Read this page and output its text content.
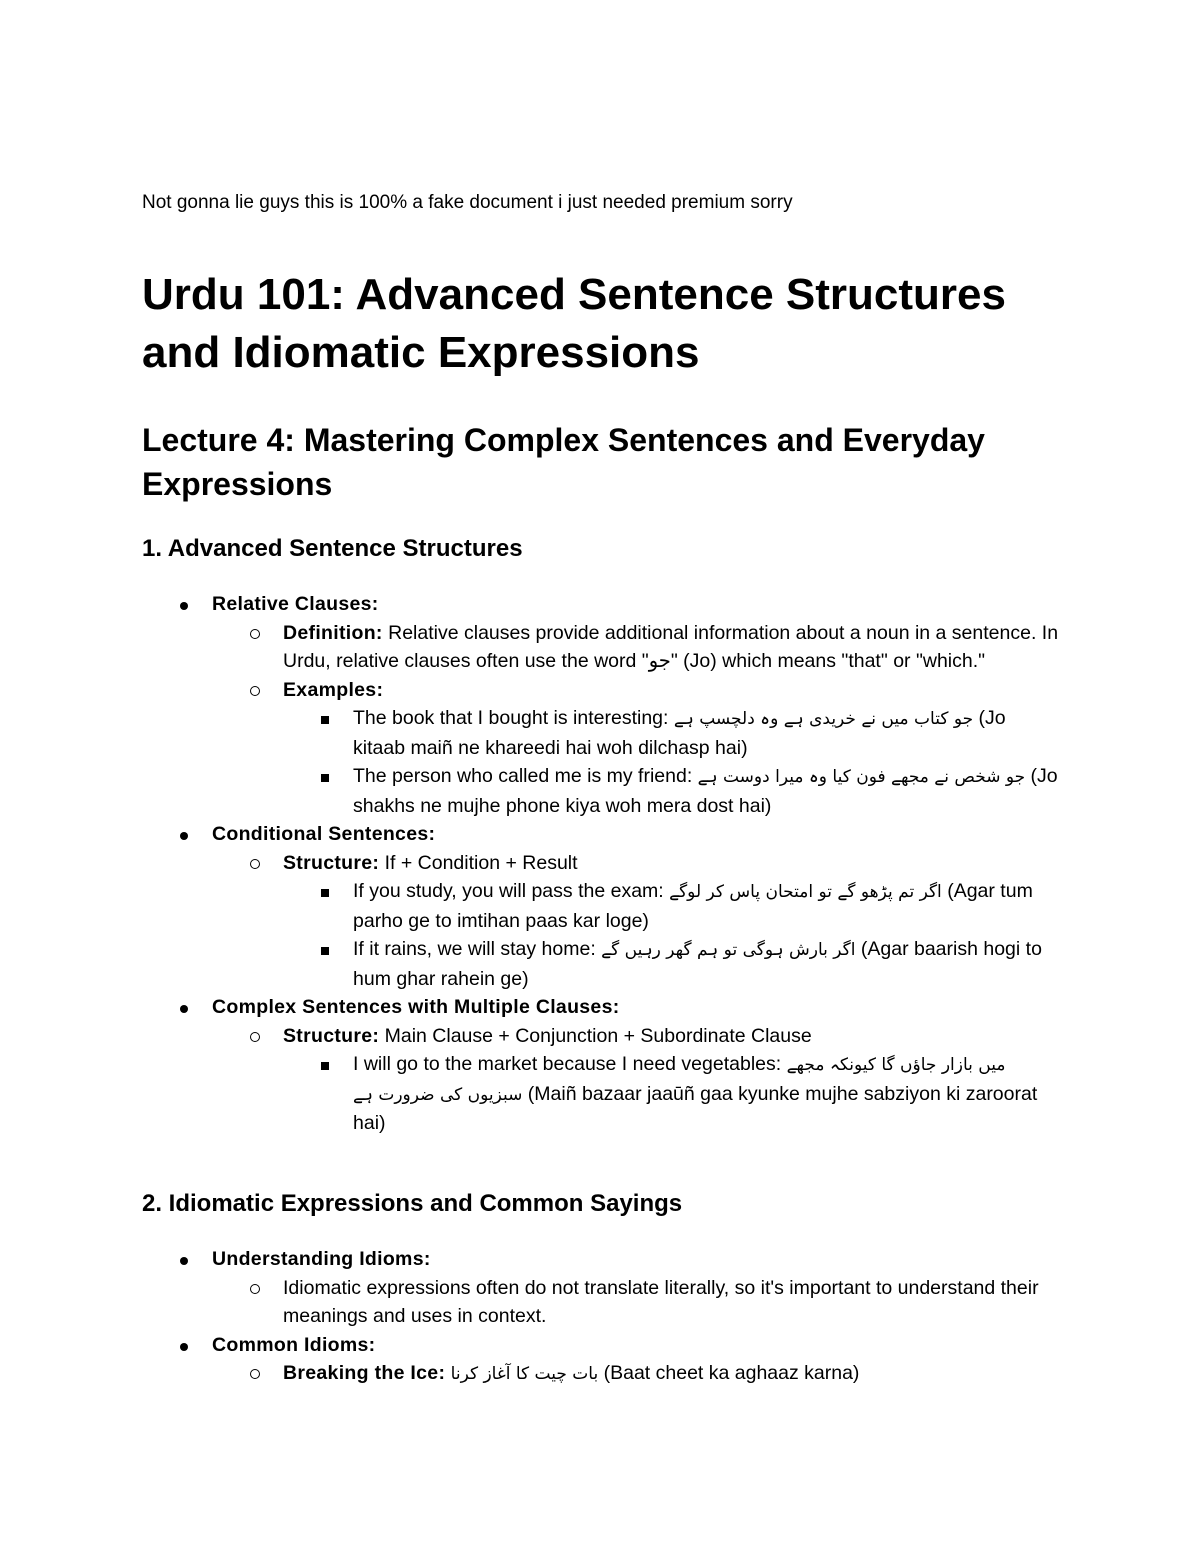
Not gonna lie guys this is 100% a fake document i just needed premium sorry
Urdu 101: Advanced Sentence Structures and Idiomatic Expressions
Lecture 4: Mastering Complex Sentences and Everyday Expressions
1. Advanced Sentence Structures
Relative Clauses:
Definition: Relative clauses provide additional information about a noun in a sentence. In Urdu, relative clauses often use the word "جو" (Jo) which means "that" or "which."
Examples:
The book that I bought is interesting: جو کتاب میں نے خریدی ہے وہ دلچسپ ہے (Jo kitaab maiñ ne khareedi hai woh dilchasp hai)
The person who called me is my friend: جو شخص نے مجھے فون کیا وہ میرا دوست ہے (Jo shakhs ne mujhe phone kiya woh mera dost hai)
Conditional Sentences:
Structure: If + Condition + Result
If you study, you will pass the exam: اگر تم پڑھو گے تو امتحان پاس کر لوگے (Agar tum parho ge to imtihan paas kar loge)
If it rains, we will stay home: اگر بارش ہوگی تو ہم گھر رہیں گے (Agar baarish hogi to hum ghar rahein ge)
Complex Sentences with Multiple Clauses:
Structure: Main Clause + Conjunction + Subordinate Clause
I will go to the market because I need vegetables: میں بازار جاؤں گا کیونکہ مجھے سبزیوں کی ضرورت ہے (Maiñ bazaar jaaūñ gaa kyunke mujhe sabziyon ki zaroorat hai)
2. Idiomatic Expressions and Common Sayings
Understanding Idioms:
Idiomatic expressions often do not translate literally, so it's important to understand their meanings and uses in context.
Common Idioms:
Breaking the Ice: بات چیت کا آغاز کرنا (Baat cheet ka aghaaz karna)
